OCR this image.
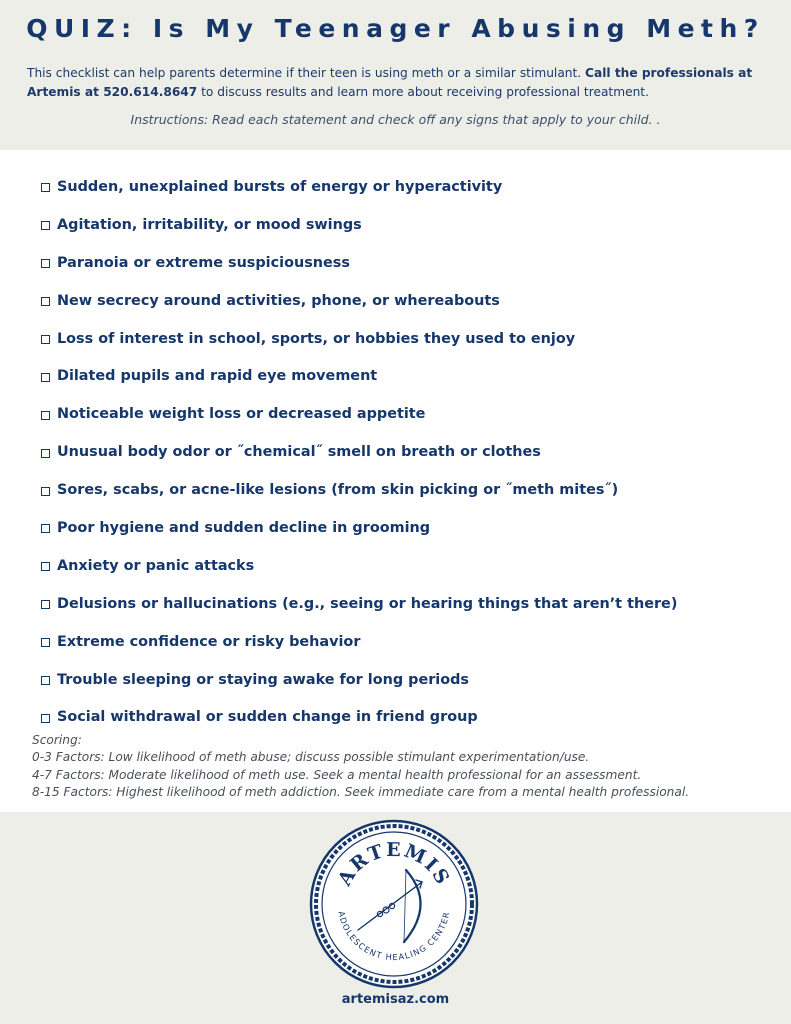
QUIZ: Is My Teenager Abusing Meth?

This checklist can help parents determine if their teen is using meth or a similar stimulant. Call the professionals at Artemis at 520.614.8647 to discuss results and learn more about receiving professional treatment.

Instructions: Read each statement and check off any signs that apply to your child. .

Sudden, unexplained bursts of energy or hyperactivity
Agitation, irritability, or mood swings
Paranoia or extreme suspiciousness
New secrecy around activities, phone, or whereabouts
Loss of interest in school, sports, or hobbies they used to enjoy
Dilated pupils and rapid eye movement
Noticeable weight loss or decreased appetite
Unusual body odor or ˝chemical˝ smell on breath or clothes
Sores, scabs, or acne-like lesions (from skin picking or ˝meth mites˝)
Poor hygiene and sudden decline in grooming
Anxiety or panic attacks
Delusions or hallucinations (e.g., seeing or hearing things that aren’t there)
Extreme confidence or risky behavior
Trouble sleeping or staying awake for long periods
Social withdrawal or sudden change in friend group
Scoring:
0-3 Factors: Low likelihood of meth abuse; discuss possible stimulant experimentation/use.
4-7 Factors: Moderate likelihood of meth use. Seek a mental health professional for an assessment.
8-15 Factors: Highest likelihood of meth addiction. Seek immediate care from a mental health professional.
ARTEMIS
ADOLESCENT HEALING CENTER
artemisaz.com
